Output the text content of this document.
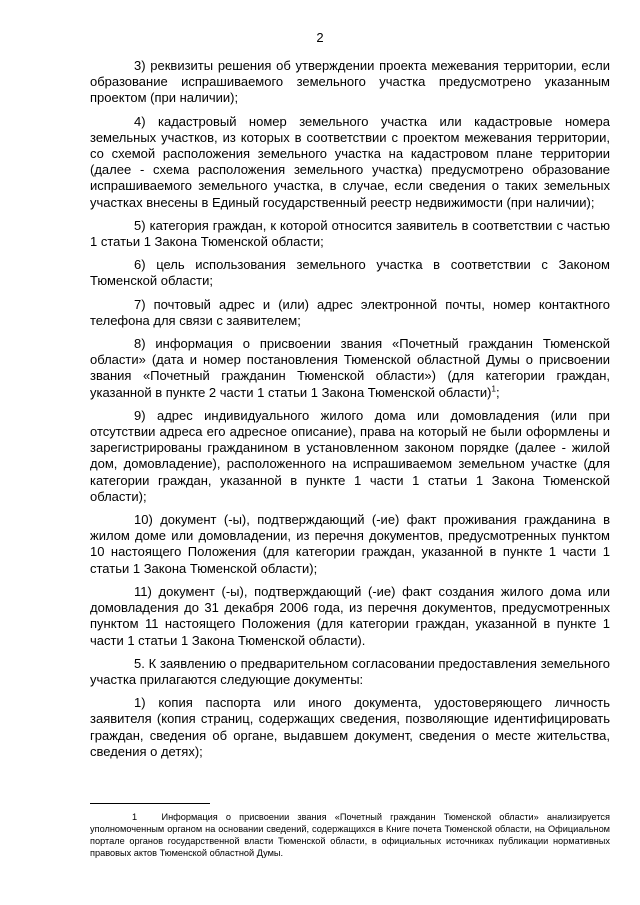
2

3) реквизиты решения об утверждении проекта межевания территории, если образование испрашиваемого земельного участка предусмотрено указанным проектом (при наличии);

4) кадастровый номер земельного участка или кадастровые номера земельных участков, из которых в соответствии с проектом межевания территории, со схемой расположения земельного участка на кадастровом плане территории (далее - схема расположения земельного участка) предусмотрено образование испрашиваемого земельного участка, в случае, если сведения о таких земельных участках внесены в Единый государственный реестр недвижимости (при наличии);

5) категория граждан, к которой относится заявитель в соответствии с частью 1 статьи 1 Закона Тюменской области;

6) цель использования земельного участка в соответствии с Законом Тюменской области;

7) почтовый адрес и (или) адрес электронной почты, номер контактного телефона для связи с заявителем;

8) информация о присвоении звания «Почетный гражданин Тюменской области» (дата и номер постановления Тюменской областной Думы о присвоении звания «Почетный гражданин Тюменской области») (для категории граждан, указанной в пункте 2 части 1 статьи 1 Закона Тюменской области)$^1$;

9) адрес индивидуального жилого дома или домовладения (или при отсутствии адреса его адресное описание), права на который не были оформлены и зарегистрированы гражданином в установленном законом порядке (далее - жилой дом, домовладение), расположенного на испрашиваемом земельном участке (для категории граждан, указанной в пункте 1 части 1 статьи 1 Закона Тюменской области);

10) документ (-ы), подтверждающий (-ие) факт проживания гражданина в жилом доме или домовладении, из перечня документов, предусмотренных пунктом 10 настоящего Положения (для категории граждан, указанной в пункте 1 части 1 статьи 1 Закона Тюменской области);

11) документ (-ы), подтверждающий (-ие) факт создания жилого дома или домовладения до 31 декабря 2006 года, из перечня документов, предусмотренных пунктом 11 настоящего Положения (для категории граждан, указанной в пункте 1 части 1 статьи 1 Закона Тюменской области).

5. К заявлению о предварительном согласовании предоставления земельного участка прилагаются следующие документы:

1) копия паспорта или иного документа, удостоверяющего личность заявителя (копия страниц, содержащих сведения, позволяющие идентифицировать граждан, сведения об органе, выдавшем документ, сведения о месте жительства, сведения о детях);

1	Информация о присвоении звания «Почетный гражданин Тюменской области» анализируется уполномоченным органом на основании сведений, содержащихся в Книге почета Тюменской области, на Официальном портале органов государственной власти Тюменской области, в официальных источниках публикации нормативных правовых актов Тюменской областной Думы.
